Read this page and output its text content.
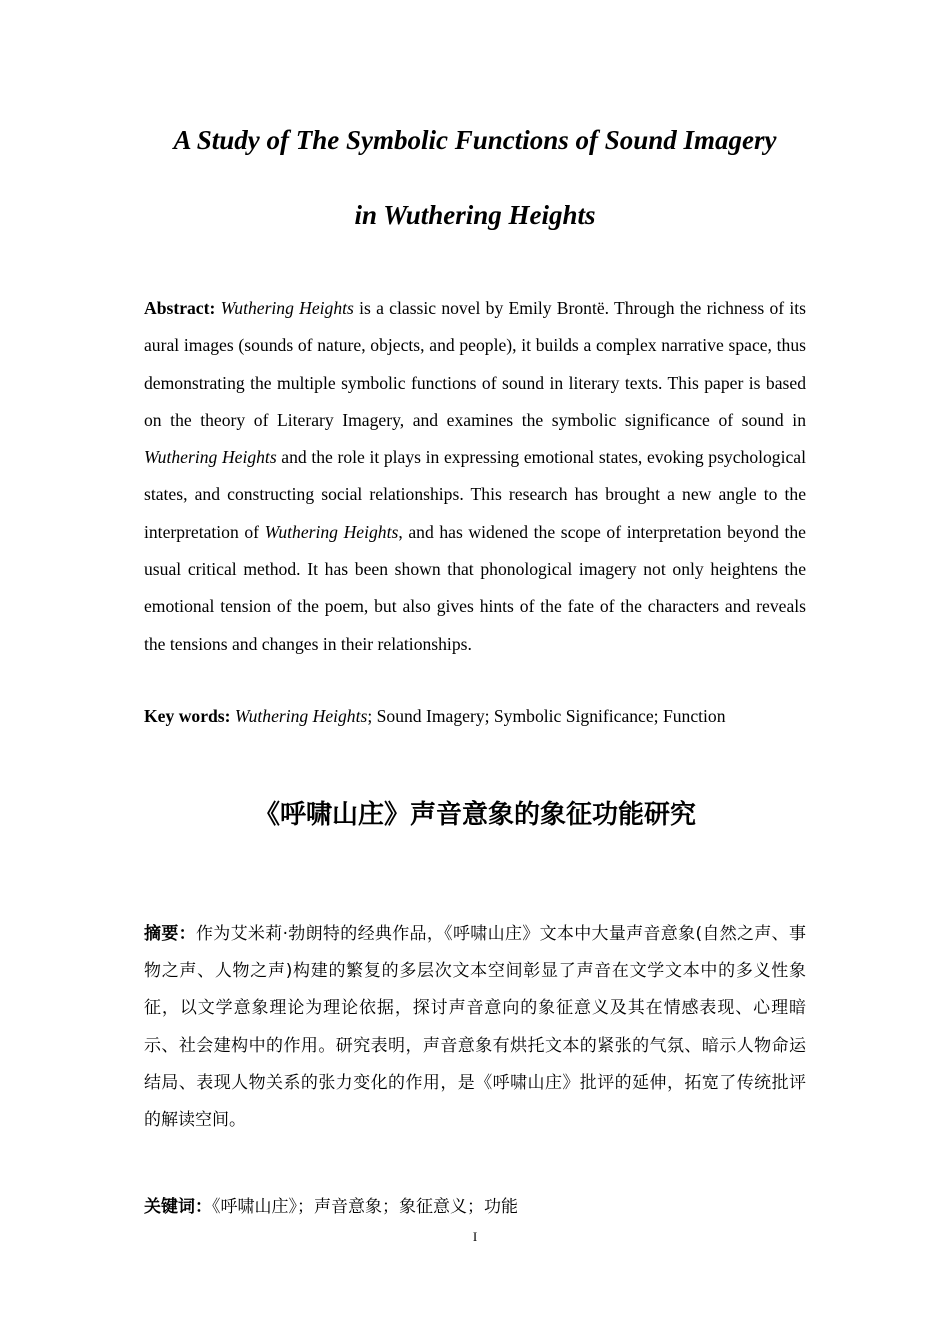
A Study of The Symbolic Functions of Sound Imagery
in Wuthering Heights

Abstract: Wuthering Heights is a classic novel by Emily Brontë. Through the richness of its aural images (sounds of nature, objects, and people), it builds a complex narrative space, thus demonstrating the multiple symbolic functions of sound in literary texts. This paper is based on the theory of Literary Imagery, and examines the symbolic significance of sound in Wuthering Heights and the role it plays in expressing emotional states, evoking psychological states, and constructing social relationships. This research has brought a new angle to the interpretation of Wuthering Heights, and has widened the scope of interpretation beyond the usual critical method. It has been shown that phonological imagery not only heightens the emotional tension of the poem, but also gives hints of the fate of the characters and reveals the tensions and changes in their relationships.

Key words: Wuthering Heights; Sound Imagery; Symbolic Significance; Function

《呼啸山庄》声音意象的象征功能研究

摘要：作为艾米莉·勃朗特的经典作品，《呼啸山庄》文本中大量声音意象(自然之声、事物之声、人物之声)构建的繁复的多层次文本空间彰显了声音在文学文本中的多义性象征，以文学意象理论为理论依据，探讨声音意向的象征意义及其在情感表现、心理暗示、社会建构中的作用。研究表明，声音意象有烘托文本的紧张的气氛、暗示人物命运结局、表现人物关系的张力变化的作用，是《呼啸山庄》批评的延伸，拓宽了传统批评的解读空间。

关键词：《呼啸山庄》；声音意象；象征意义；功能

I
